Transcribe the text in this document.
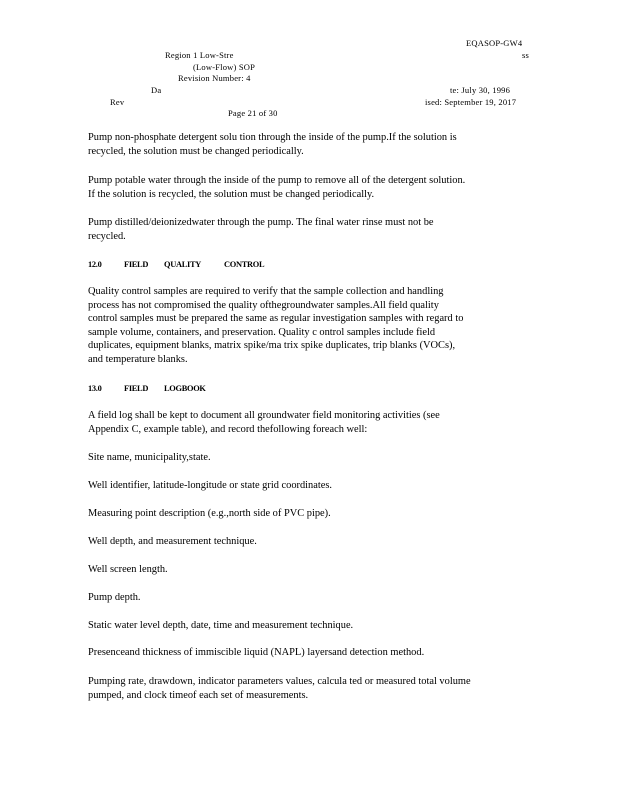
EQASOP-GW4
Region 1 Low-Stre	ss
(Low-Flow) SOP
Revision Number: 4
Da	te: July 30, 1996
Rev	ised: September 19, 2017
Page 21 of 30
Pump non-phosphate detergent solu tion through the inside of the pump.If the solution is
recycled, the solution must be changed periodically.
Pump potable water through the inside of the pump to remove all of the detergent solution.
If the solution is recycled, the solution must be changed periodically.
Pump distilled/deionizedwater through the pump. The final water rinse must not be
recycled.
12.0	FIELD QUALITY	CONTROL
Quality control samples are required to verify that the sample collection and handling
process has not compromised the quality ofthegroundwater samples.All field quality
control samples must be prepared the same as regular investigation samples with regard to
sample volume, containers, and preservation. Quality c ontrol samples include field
duplicates, equipment blanks, matrix spike/ma trix spike duplicates, trip blanks (VOCs),
and temperature blanks.
13.0	FIELD LOGBOOK
A field log shall be kept to document all groundwater field monitoring activities (see
Appendix C, example table), and record thefollowing foreach well:
Site name, municipality,state.
Well identifier, latitude-longitude or state grid coordinates.
Measuring point description (e.g.,north side of PVC pipe).
Well depth, and measurement technique.
Well screen length.
Pump depth.
Static water level depth, date, time and measurement technique.
Presenceand thickness of immiscible liquid (NAPL) layersand detection method.
Pumping rate, drawdown, indicator parameters values, calcula ted or measured total volume
pumped, and clock timeof each set of measurements.
